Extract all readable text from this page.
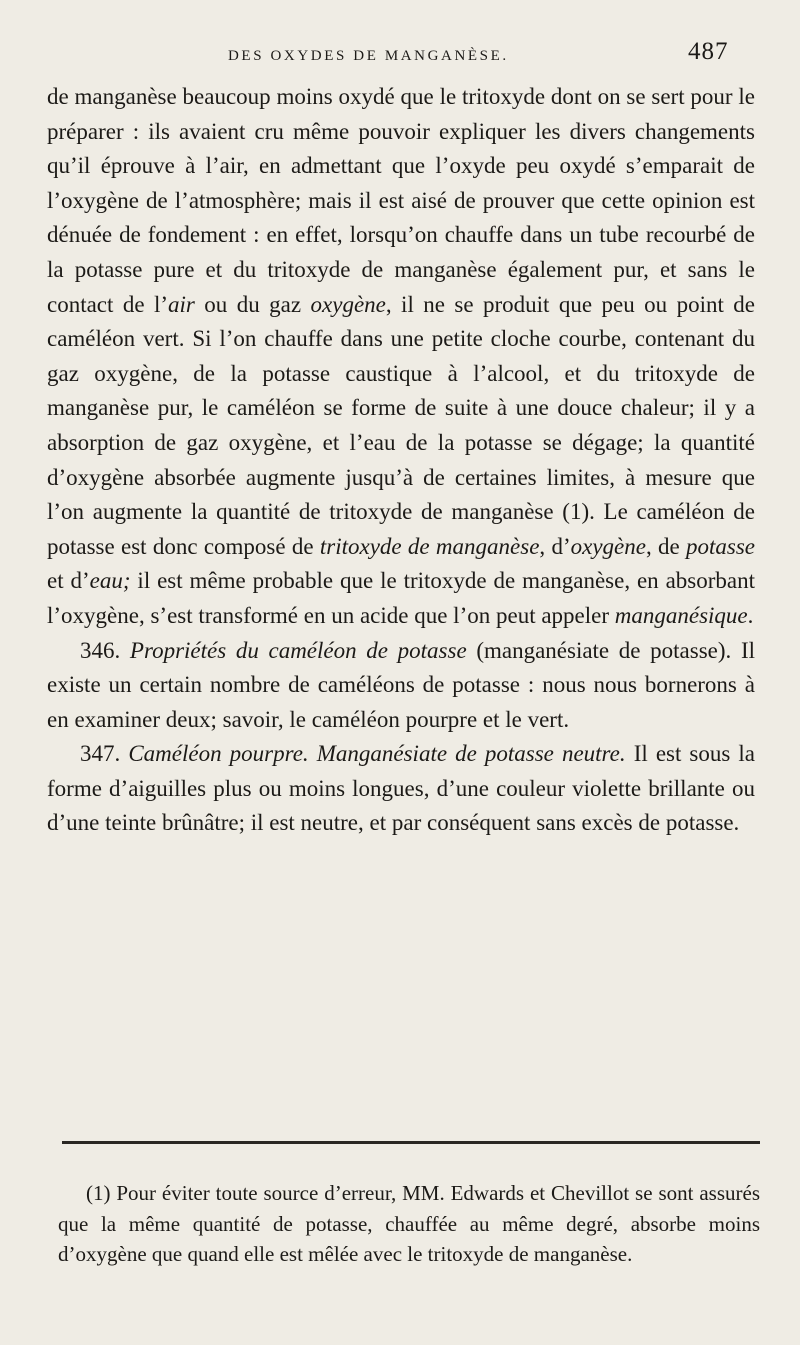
DES OXYDES DE MANGANÈSE.	487

de manganèse beaucoup moins oxydé que le tritoxyde dont on se sert pour le préparer : ils avaient cru même pouvoir expliquer les divers changements qu’il éprouve à l’air, en admettant que l’oxyde peu oxydé s’emparait de l’oxygène de l’atmosphère; mais il est aisé de prouver que cette opinion est dénuée de fondement : en effet, lorsqu’on chauffe dans un tube recourbé de la potasse pure et du tritoxyde de manganèse également pur, et sans le contact de l’air ou du gaz oxygène, il ne se produit que peu ou point de caméléon vert. Si l’on chauffe dans une petite cloche courbe, contenant du gaz oxygène, de la potasse caustique à l’alcool, et du tritoxyde de manganèse pur, le caméléon se forme de suite à une douce chaleur; il y a absorption de gaz oxygène, et l’eau de la potasse se dégage; la quantité d’oxygène absorbée augmente jusqu’à de certaines limites, à mesure que l’on augmente la quantité de tritoxyde de manganèse (1). Le caméléon de potasse est donc composé de tritoxyde de manganèse, d’oxygène, de potasse et d’eau; il est même probable que le tritoxyde de manganèse, en absorbant l’oxygène, s’est transformé en un acide que l’on peut appeler manganésique.

346. Propriétés du caméléon de potasse (manganésiate de potasse). Il existe un certain nombre de caméléons de potasse : nous nous bornerons à en examiner deux; savoir, le caméléon pourpre et le vert.

347. Caméléon pourpre. Manganésiate de potasse neutre. Il est sous la forme d’aiguilles plus ou moins longues, d’une couleur violette brillante ou d’une teinte brûnâtre; il est neutre, et par conséquent sans excès de potasse.

(1) Pour éviter toute source d’erreur, MM. Edwards et Chevillot se sont assurés que la même quantité de potasse, chauffée au même degré, absorbe moins d’oxygène que quand elle est mêlée avec le tritoxyde de manganèse.
